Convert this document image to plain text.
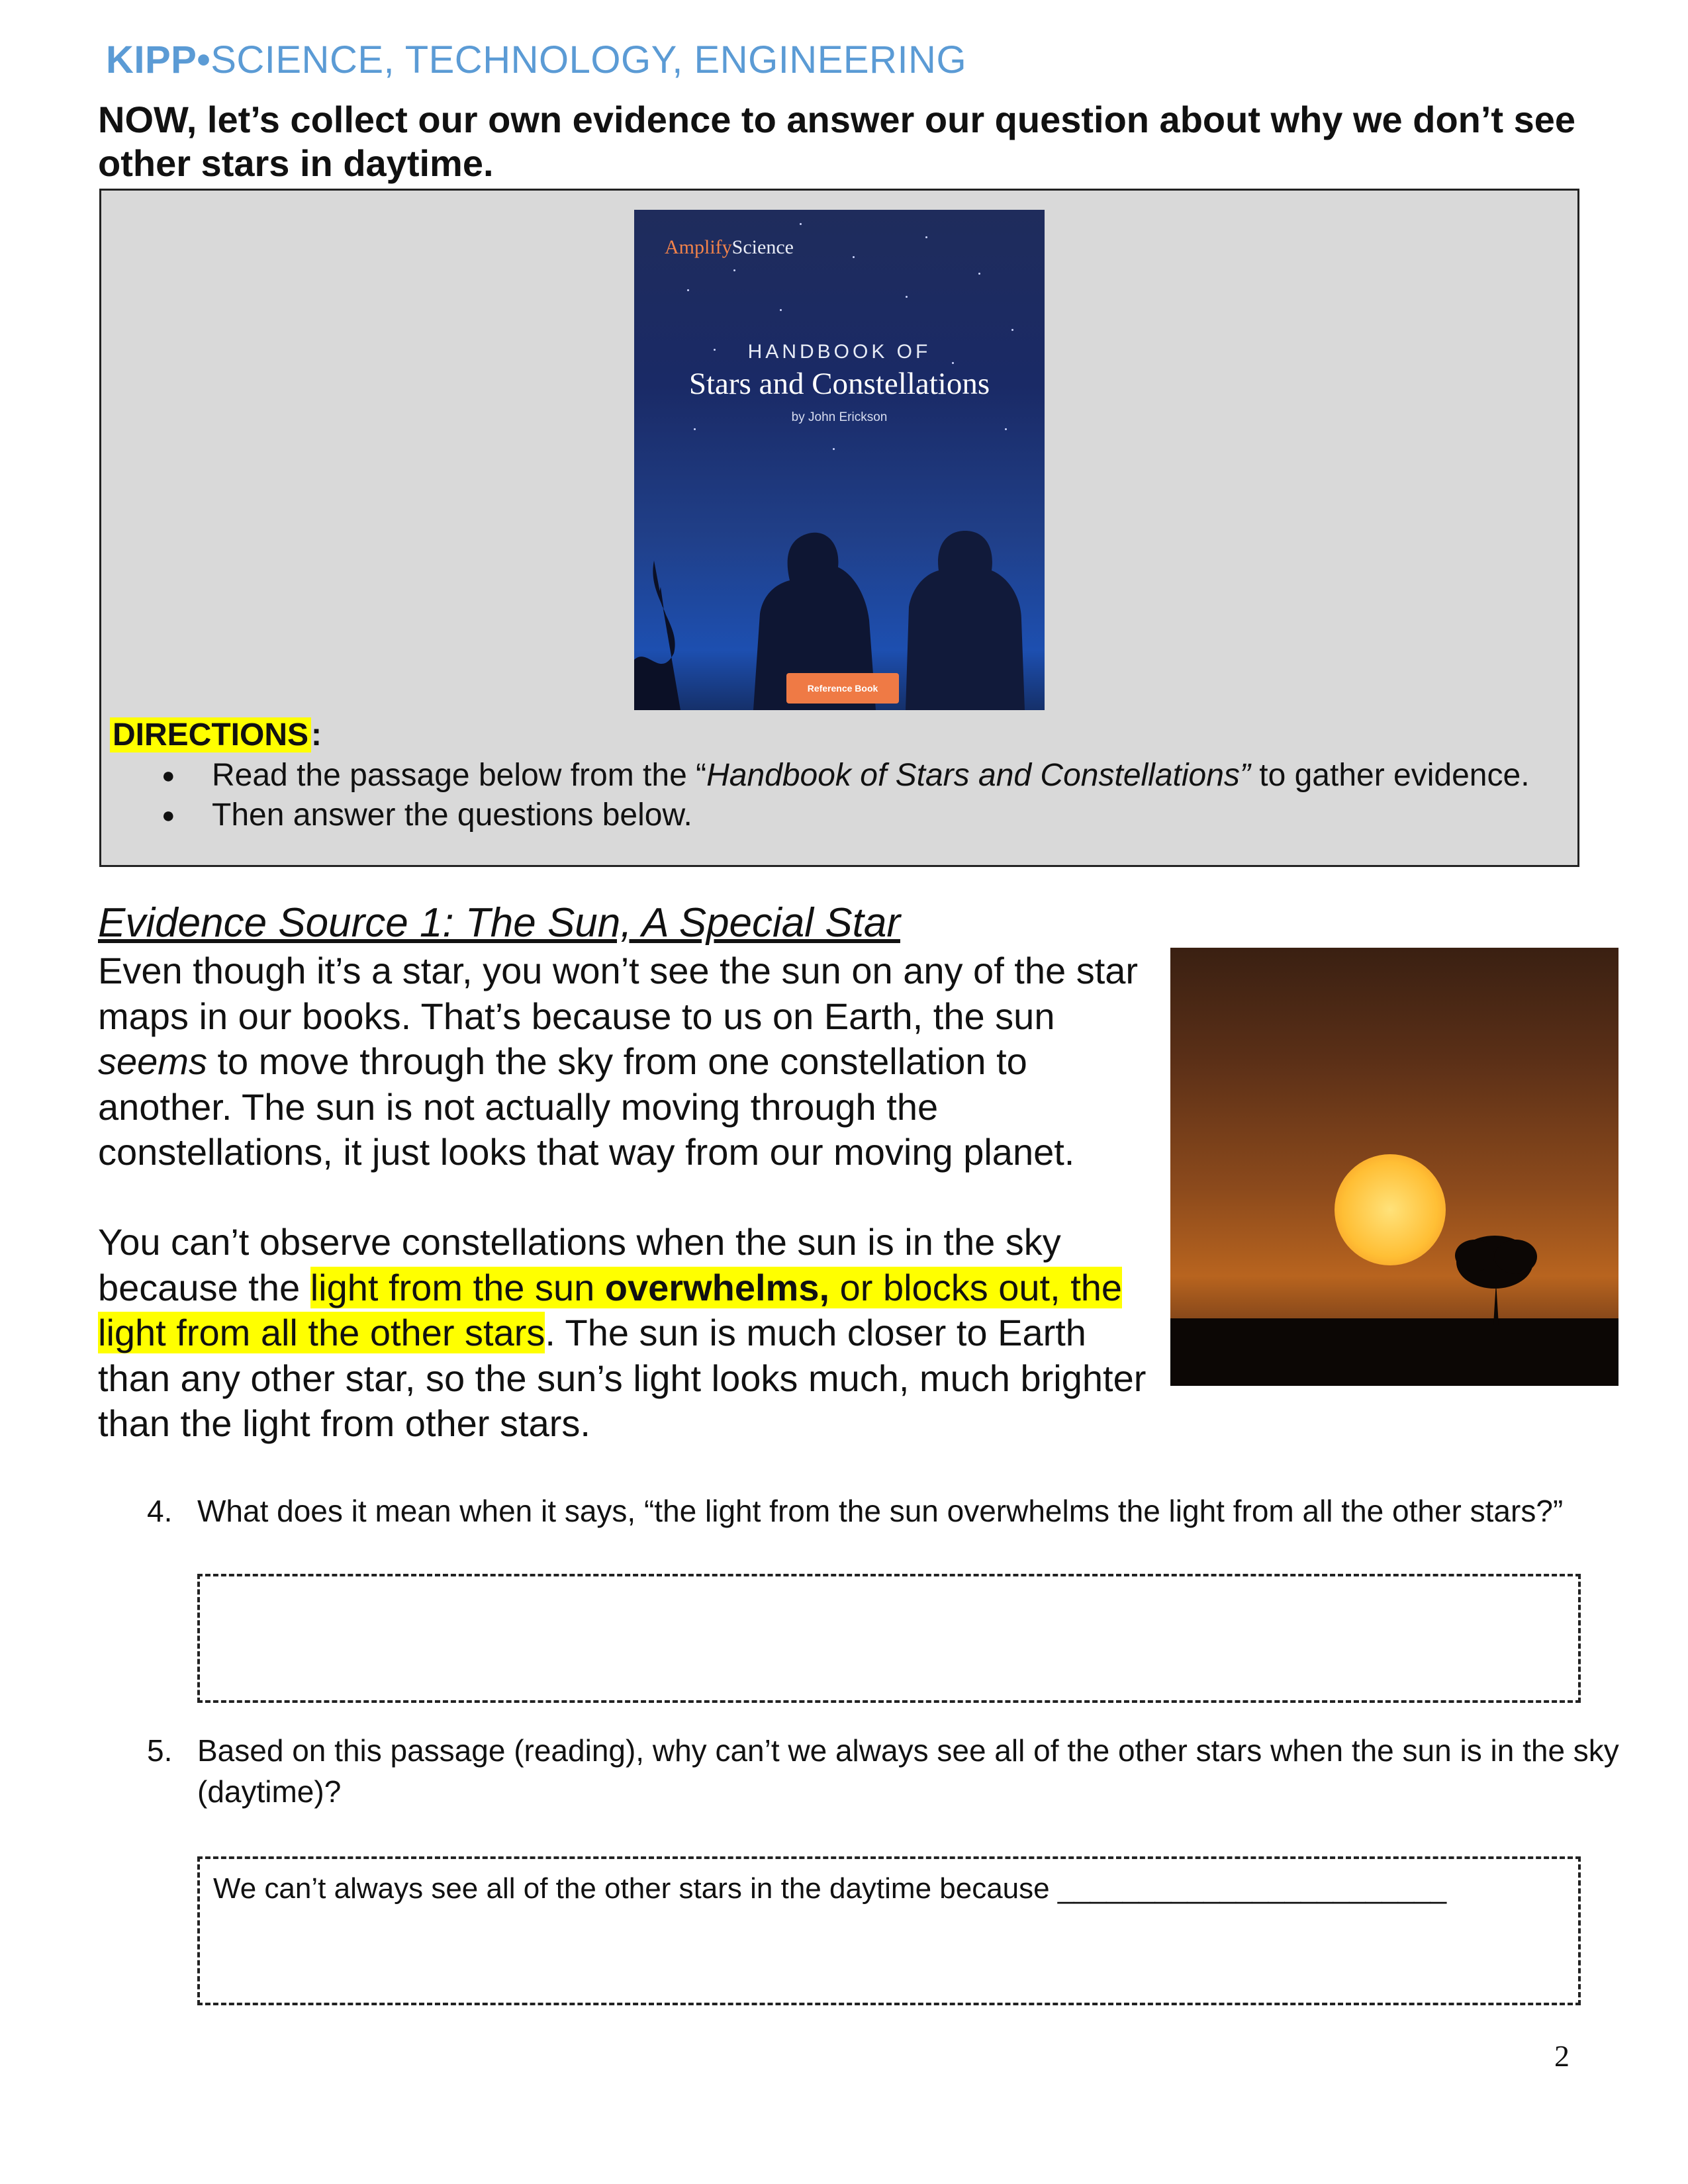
KIPP•SCIENCE, TECHNOLOGY, ENGINEERING
NOW, let’s collect our own evidence to answer our question about why we don’t see other stars in daytime.
AmplifyScience
HANDBOOK OF
Stars and Constellations
by John Erickson
Reference Book
DIRECTIONS:
● Read the passage below from the “Handbook of Stars and Constellations” to gather evidence.
● Then answer the questions below.
Evidence Source 1: The Sun, A Special Star
Even though it’s a star, you won’t see the sun on any of the star maps in our books. That’s because to us on Earth, the sun seems to move through the sky from one constellation to another. The sun is not actually moving through the constellations, it just looks that way from our moving planet.
You can’t observe constellations when the sun is in the sky because the light from the sun overwhelms, or blocks out, the light from all the other stars. The sun is much closer to Earth than any other star, so the sun’s light looks much, much brighter than the light from other stars.
4. What does it mean when it says, “the light from the sun overwhelms the light from all the other stars?”
5. Based on this passage (reading), why can’t we always see all of the other stars when the sun is in the sky (daytime)?
We can’t always see all of the other stars in the daytime because ________________________
2
